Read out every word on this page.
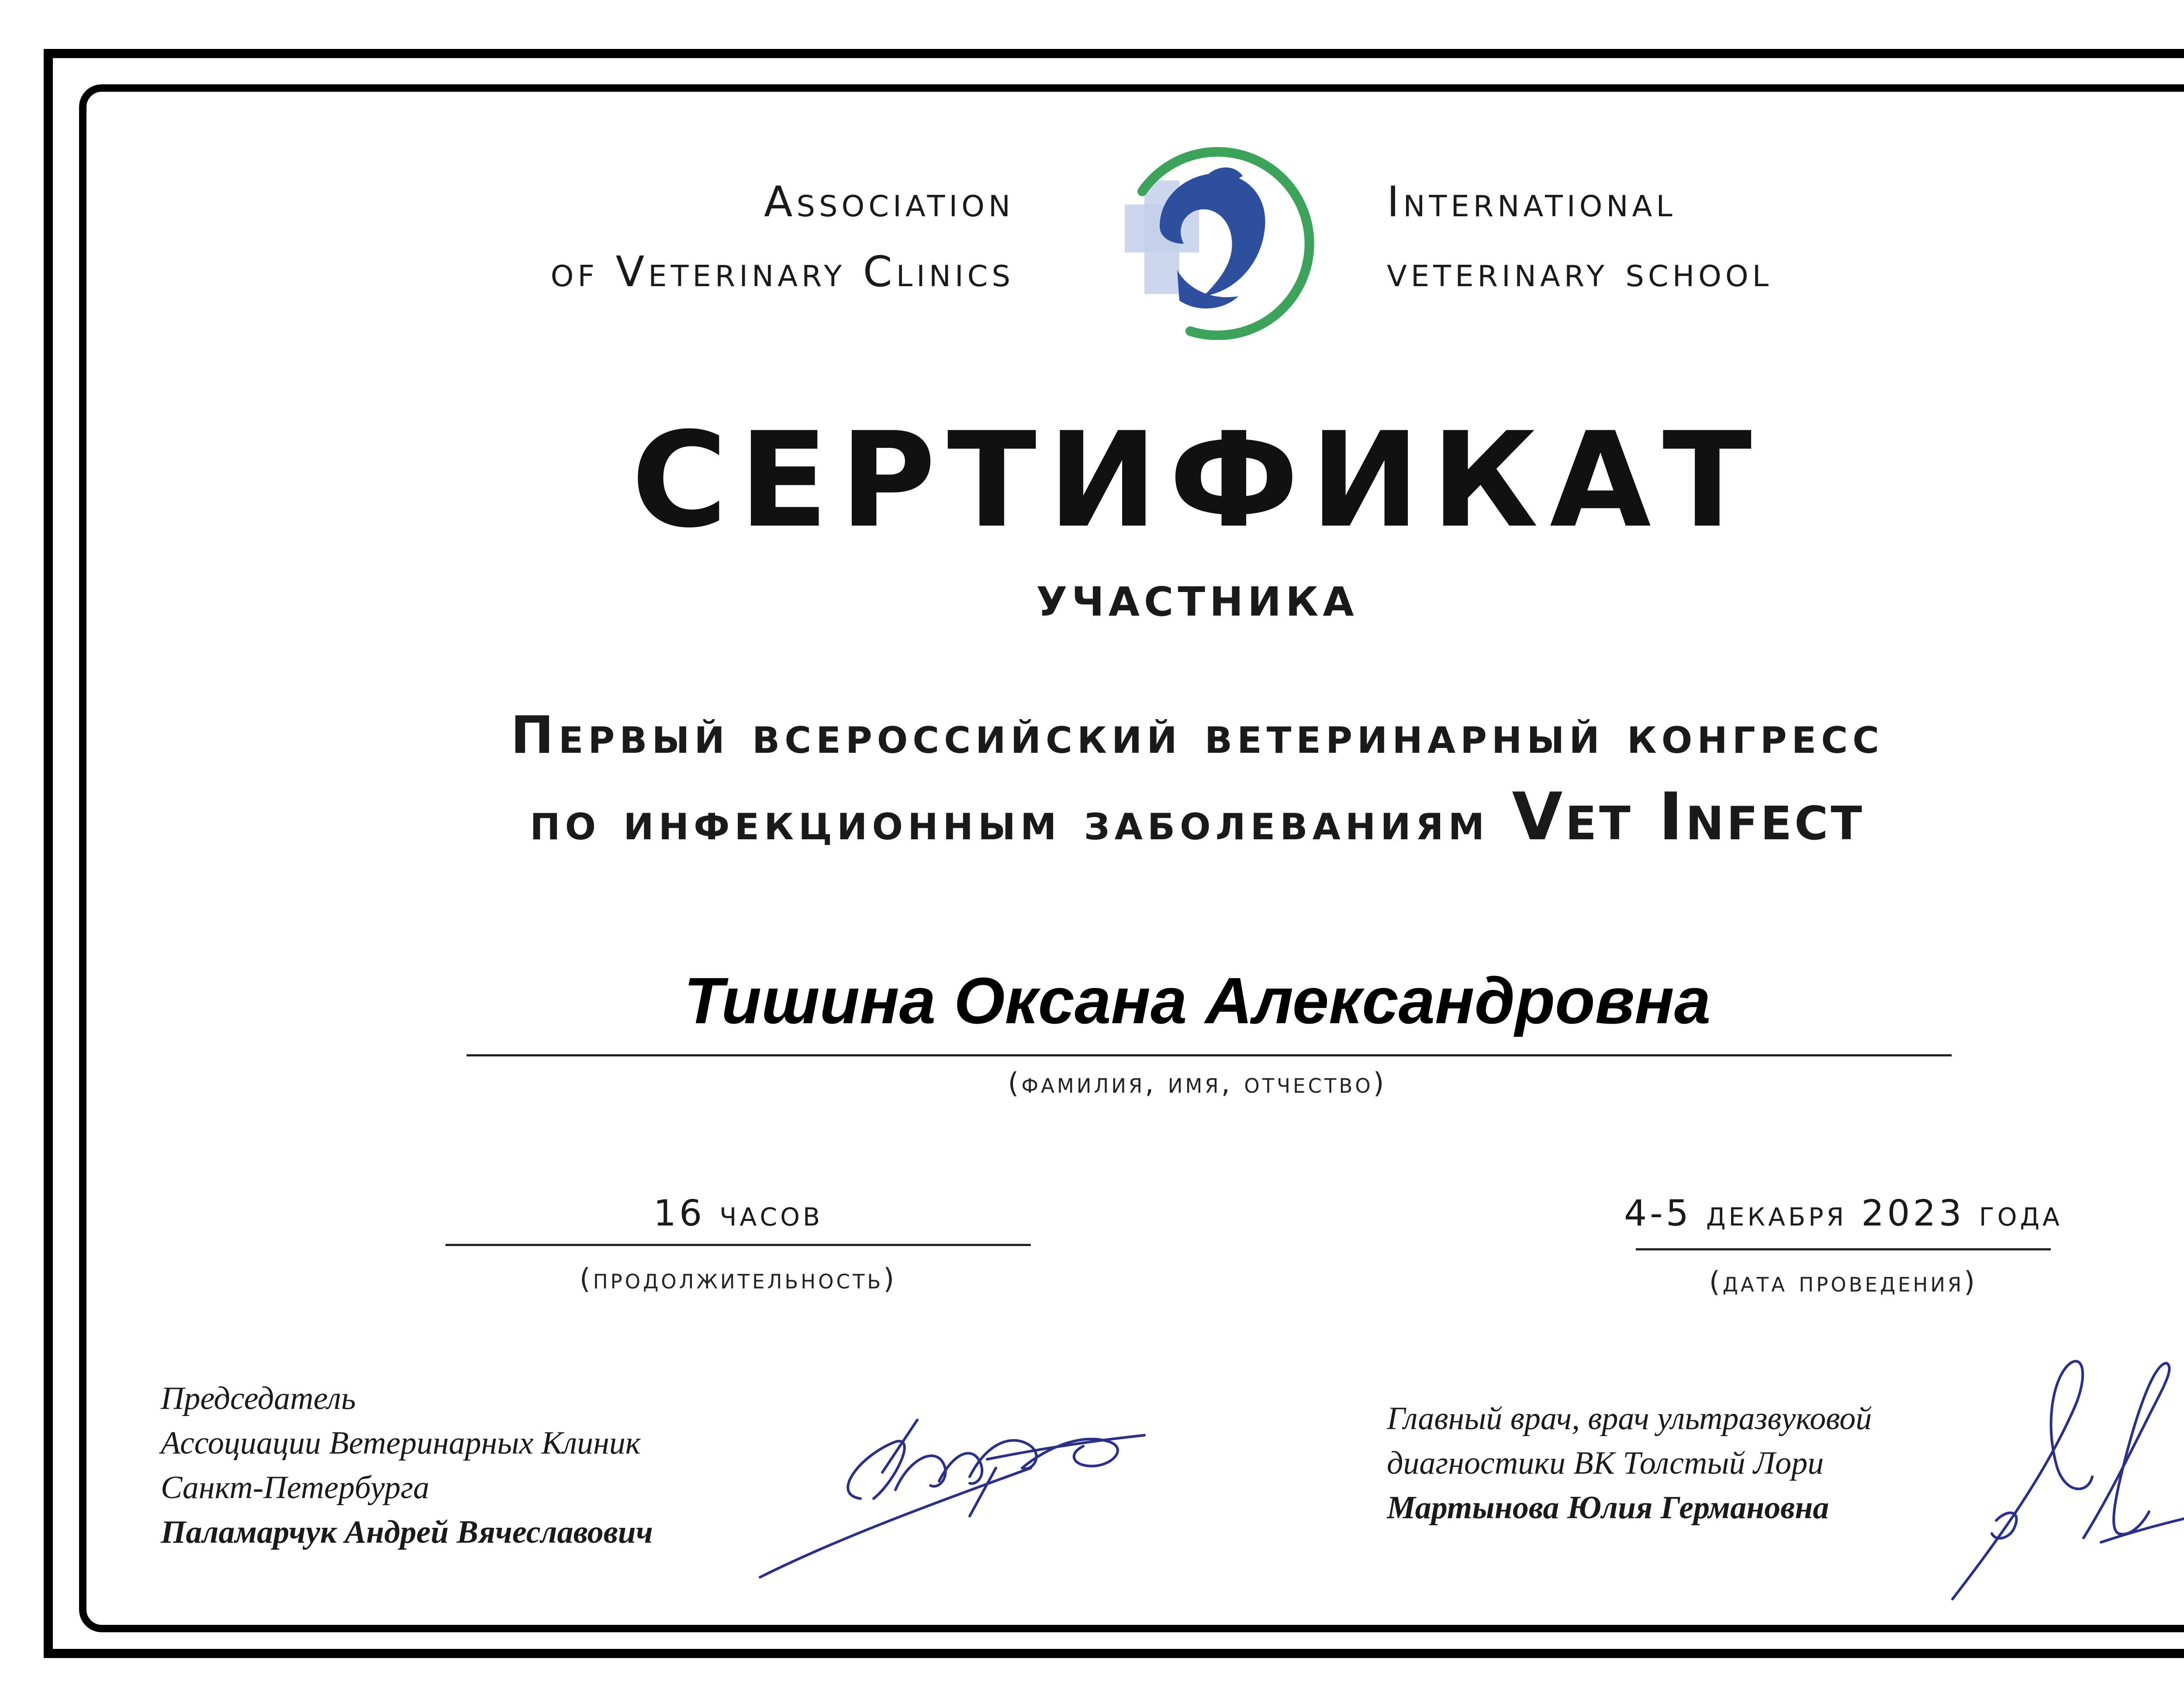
Association
of Veterinary Clinics
International
veterinary school
СЕРТИФИКАТ
УЧАСТНИКА
Первый всероссийский ветеринарный конгресс
по инфекционным заболеваниям Vet Infect
Тишина Оксана Александровна
(фамилия, имя, отчество)
16 часов
(продолжительность)
4-5 декабря 2023 года
(дата проведения)
Председатель
Ассоциации Ветеринарных Клиник
Санкт-Петербурга
Паламарчук Андрей Вячеславович
Главный врач, врач ультразвуковой
диагностики ВК Толстый Лори
Мартынова Юлия Германовна
